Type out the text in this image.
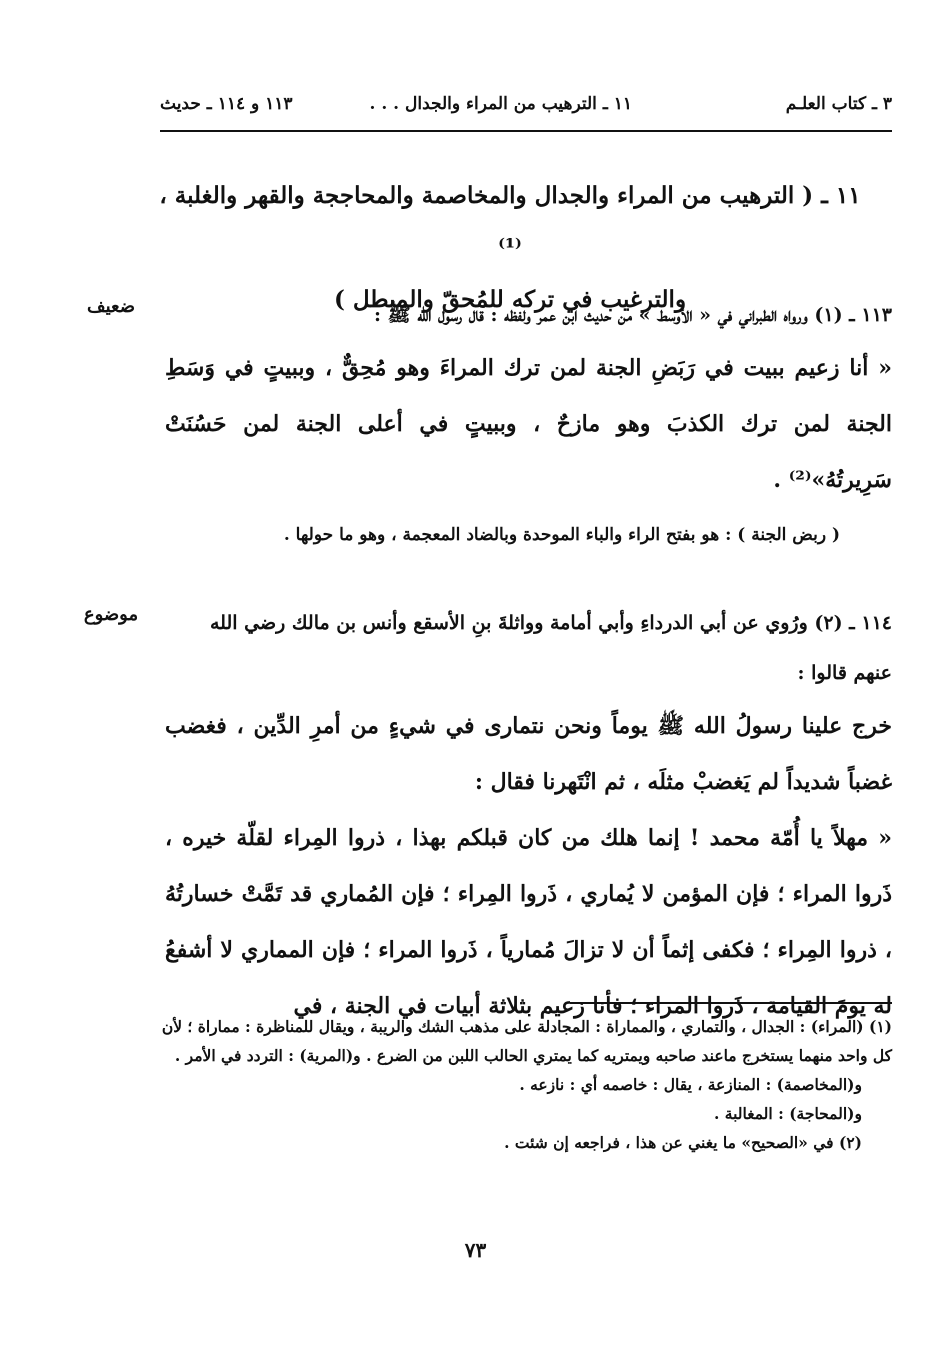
٣ ـ كتاب العلـم
١١ ـ الترهيب من المراء والجدال . . .
١١٣ و ١١٤ ـ حديث
١١ ـ ( الترهيب من المراء والجدال والمخاصمة والمحاججة والقهر والغلبة ،⁽¹⁾
والترغيب في تركه للمُحقّ والمبطل )
ضعيف	١١٣ ـ (١) ورواه الطبراني في « الأوسط » من حديث ابن عمر ولفظه : قال رسول الله ﷺ :
« أنا زعيم ببيت في رَبَضِ الجنة لمن ترك المراءَ وهو مُحِقٌّ ، وببيتٍ في وَسَطِ الجنة لمن ترك الكذبَ وهو مازحٌ ، وببيتٍ في أعلى الجنة لمن حَسُنَتْ سَرِيرتُهُ»⁽²⁾ .
( ربض الجنة ) : هو بفتح الراء والباء الموحدة وبالضاد المعجمة ، وهو ما حولها .
موضوع	١١٤ ـ (٢) ورُوي عن أبي الدرداءِ وأبي أمامة وواثلةَ بنِ الأسقع وأنس بن مالك رضي الله عنهم قالوا :
خرج علينا رسولُ الله ﷺ يوماً ونحن نتمارى في شيءٍ من أمرِ الدِّين ، فغضب غضباً شديداً لم يَغضبْ مثلَه ، ثم انْتَهرنا فقال :
« مهلاً يا أُمّة محمد ! إنما هلك من كان قبلكم بهذا ، ذروا المِراء لقلّة خيره ، ذَروا المراء ؛ فإن المؤمن لا يُماري ، ذَروا المِراء ؛ فإن المُماري قد تَمَّتْ خسارتُهُ ، ذروا المِراء ؛ فكفى إثماً أن لا تزالَ مُمارياً ، ذَروا المراء ؛ فإن المماري لا أشفعُ له يومَ القيامة ، ذَروا المراء ؛ فأنا زعيم بثلاثة أبيات في الجنة ، في

(١) (المراء) : الجدال ، والتماري ، والمماراة : المجادلة على مذهب الشك والريبة ، ويقال للمناظرة : مماراة ؛ لأن كل واحد منهما يستخرج ماعند صاحبه ويمتريه كما يمتري الحالب اللبن من الضرع . و(المرية) : التردد في الأمر .

و(المخاصمة) : المنازعة ، يقال : خاصمه أي : نازعه .

و(المحاجة) : المغالبة .

(٢) في «الصحيح» ما يغني عن هذا ، فراجعه إن شئت .

٧٣
